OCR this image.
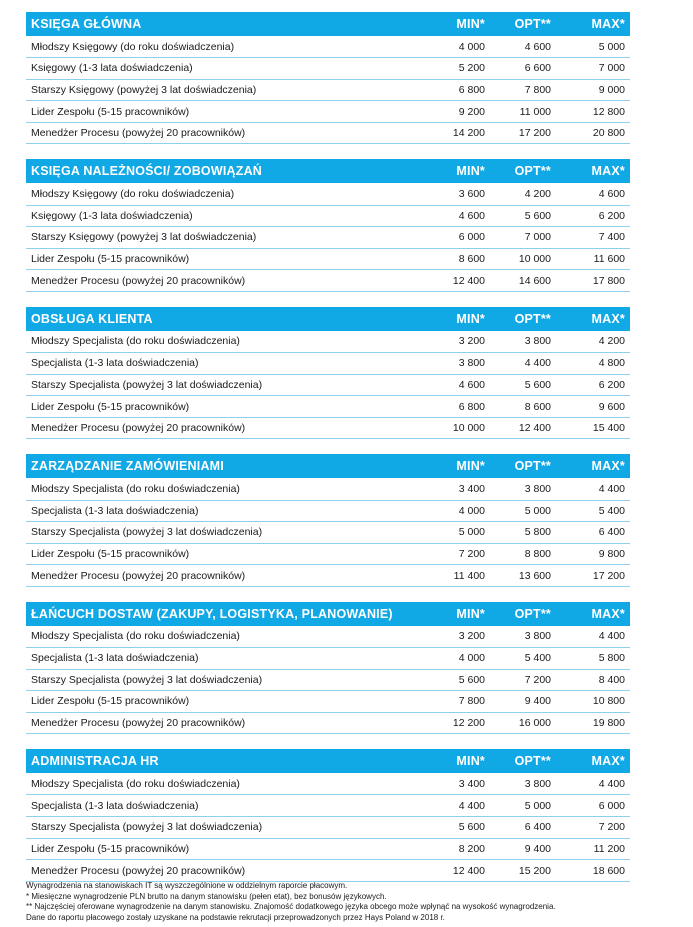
KSIĘGA GŁÓWNA	MIN*	OPT**	MAX*
Młodszy Księgowy (do roku doświadczenia)	4 000	4 600	5 000
Księgowy (1-3 lata doświadczenia)	5 200	6 600	7 000
Starszy Księgowy (powyżej 3 lat doświadczenia)	6 800	7 800	9 000
Lider Zespołu (5-15 pracowników)	9 200	11 000	12 800
Menedżer Procesu (powyżej 20 pracowników)	14 200	17 200	20 800
KSIĘGA NALEŻNOŚCI/ ZOBOWIĄZAŃ	MIN*	OPT**	MAX*
Młodszy Księgowy (do roku doświadczenia)	3 600	4 200	4 600
Księgowy (1-3 lata doświadczenia)	4 600	5 600	6 200
Starszy Księgowy (powyżej 3 lat doświadczenia)	6 000	7 000	7 400
Lider Zespołu (5-15 pracowników)	8 600	10 000	11 600
Menedżer Procesu (powyżej 20 pracowników)	12 400	14 600	17 800
OBSŁUGA KLIENTA	MIN*	OPT**	MAX*
Młodszy Specjalista (do roku doświadczenia)	3 200	3 800	4 200
Specjalista (1-3 lata doświadczenia)	3 800	4 400	4 800
Starszy Specjalista (powyżej 3 lat doświadczenia)	4 600	5 600	6 200
Lider Zespołu (5-15 pracowników)	6 800	8 600	9 600
Menedżer Procesu (powyżej 20 pracowników)	10 000	12 400	15 400
ZARZĄDZANIE ZAMÓWIENIAMI	MIN*	OPT**	MAX*
Młodszy Specjalista (do roku doświadczenia)	3 400	3 800	4 400
Specjalista (1-3 lata doświadczenia)	4 000	5 000	5 400
Starszy Specjalista (powyżej 3 lat doświadczenia)	5 000	5 800	6 400
Lider Zespołu (5-15 pracowników)	7 200	8 800	9 800
Menedżer Procesu (powyżej 20 pracowników)	11 400	13 600	17 200
ŁAŃCUCH DOSTAW (ZAKUPY, LOGISTYKA, PLANOWANIE)	MIN*	OPT**	MAX*
Młodszy Specjalista (do roku doświadczenia)	3 200	3 800	4 400
Specjalista (1-3 lata doświadczenia)	4 000	5 400	5 800
Starszy Specjalista (powyżej 3 lat doświadczenia)	5 600	7 200	8 400
Lider Zespołu (5-15 pracowników)	7 800	9 400	10 800
Menedżer Procesu (powyżej 20 pracowników)	12 200	16 000	19 800
ADMINISTRACJA HR	MIN*	OPT**	MAX*
Młodszy Specjalista (do roku doświadczenia)	3 400	3 800	4 400
Specjalista (1-3 lata doświadczenia)	4 400	5 000	6 000
Starszy Specjalista (powyżej 3 lat doświadczenia)	5 600	6 400	7 200
Lider Zespołu (5-15 pracowników)	8 200	9 400	11 200
Menedżer Procesu (powyżej 20 pracowników)	12 400	15 200	18 600
Wynagrodzenia na stanowiskach IT są wyszczególnione w oddzielnym raporcie płacowym.
* Miesięczne wynagrodzenie PLN brutto na danym stanowisku (pełen etat), bez bonusów językowych.
** Najczęściej oferowane wynagrodzenie na danym stanowisku. Znajomość dodatkowego języka obcego może wpłynąć na wysokość wynagrodzenia.
Dane do raportu płacowego zostały uzyskane na podstawie rekrutacji przeprowadzonych przez Hays Poland w 2018 r.
